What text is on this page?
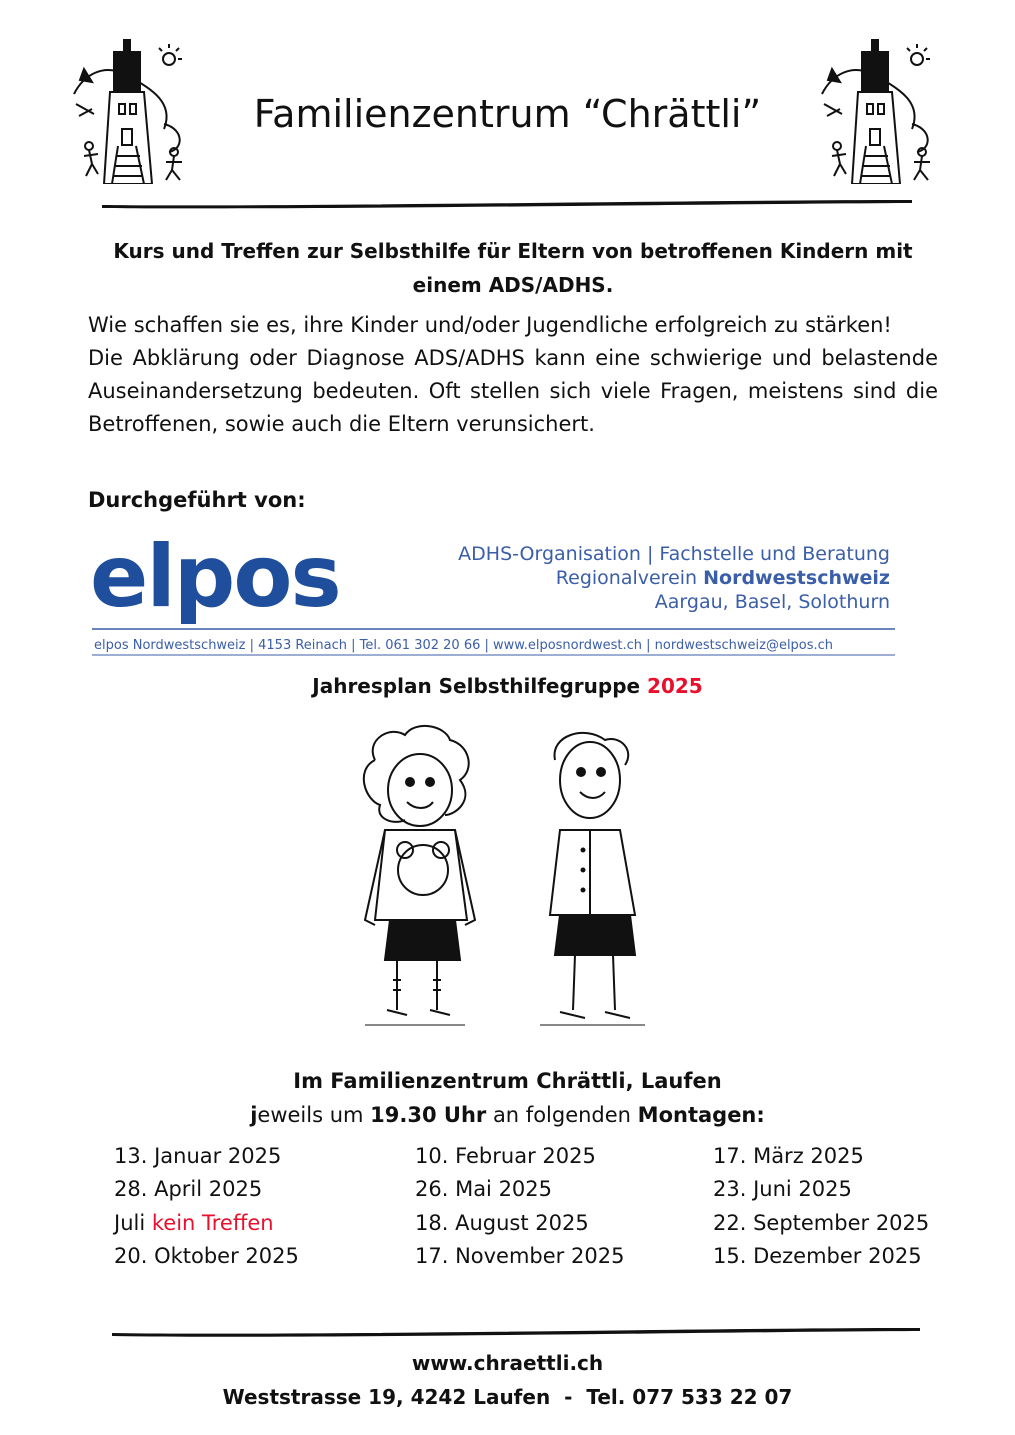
Familienzentrum “Chrättli”
Kurs und Treffen zur Selbsthilfe für Eltern von betroffenen Kindern mit einem ADS/ADHS.

Wie schaffen sie es, ihre Kinder und/oder Jugendliche erfolgreich zu stärken!

Die Abklärung oder Diagnose ADS/ADHS kann eine schwierige und belastende Auseinandersetzung bedeuten. Oft stellen sich viele Fragen, meistens sind die Betroffenen, sowie auch die Eltern verunsichert.

Durchgeführt von:
elpos	ADHS-Organisation | Fachstelle und Beratung
Regionalverein Nordwestschweiz
Aargau, Basel, Solothurn
elpos Nordwestschweiz | 4153 Reinach | Tel. 061 302 20 66 | www.elposnordwest.ch | nordwestschweiz@elpos.ch
Jahresplan Selbsthilfegruppe 2025
Im Familienzentrum Chrättli, Laufen
jeweils um 19.30 Uhr an folgenden Montagen:
13. Januar 2025
28. April 2025
Juli kein Treffen
20. Oktober 2025
10. Februar 2025
26. Mai 2025
18. August 2025
17. November 2025
17. März 2025
23. Juni 2025
22. September 2025
15. Dezember 2025
www.chraettli.ch
Weststrasse 19, 4242 Laufen  -  Tel. 077 533 22 07
